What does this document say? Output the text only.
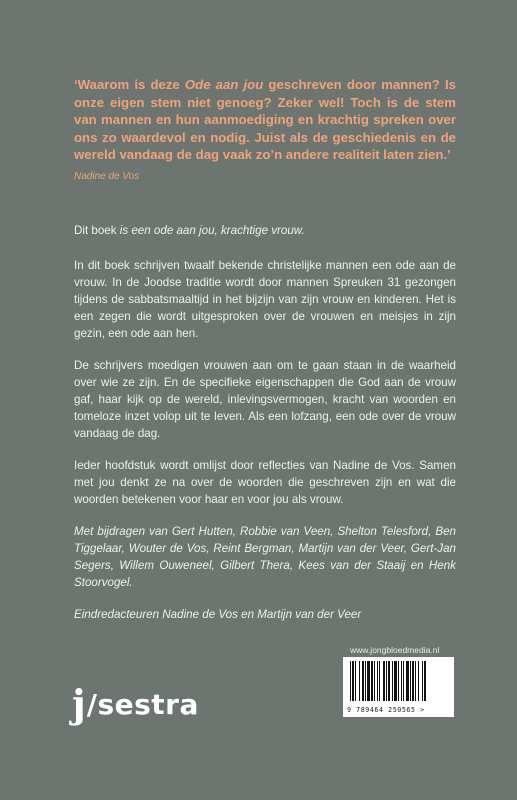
‘Waarom is deze Ode aan jou geschreven door mannen? Is onze eigen stem niet genoeg? Zeker wel! Toch is de stem van mannen en hun aanmoediging en krachtig spreken over ons zo waardevol en nodig. Juist als de geschiedenis en de wereld vandaag de dag vaak zo’n andere realiteit laten zien.’

Nadine de Vos

Dit boek is een ode aan jou, krachtige vrouw.

In dit boek schrijven twaalf bekende christelijke mannen een ode aan de vrouw. In de Joodse traditie wordt door mannen Spreuken 31 gezongen tijdens de sabbatsmaaltijd in het bijzijn van zijn vrouw en kinderen. Het is een zegen die wordt uitgesproken over de vrouwen en meisjes in zijn gezin, een ode aan hen.

De schrijvers moedigen vrouwen aan om te gaan staan in de waarheid over wie ze zijn. En de specifieke eigenschappen die God aan de vrouw gaf, haar kijk op de wereld, inlevingsvermogen, kracht van woorden en tomeloze inzet volop uit te leven. Als een lofzang, een ode over de vrouw vandaag de dag.

Ieder hoofdstuk wordt omlijst door reflecties van Nadine de Vos. Samen met jou denkt ze na over de woorden die geschreven zijn en wat die woorden betekenen voor haar en voor jou als vrouw.

Met bijdragen van Gert Hutten, Robbie van Veen, Shelton Telesford, Ben Tiggelaar, Wouter de Vos, Reint Bergman, Martijn van der Veer, Gert-Jan Segers, Willem Ouweneel, Gilbert Thera, Kees van der Staaij en Henk Stoorvogel.

Eindredacteuren Nadine de Vos en Martijn van der Veer

j /sestra
www.jongbloedmedia.nl
9 789464 250565 >
